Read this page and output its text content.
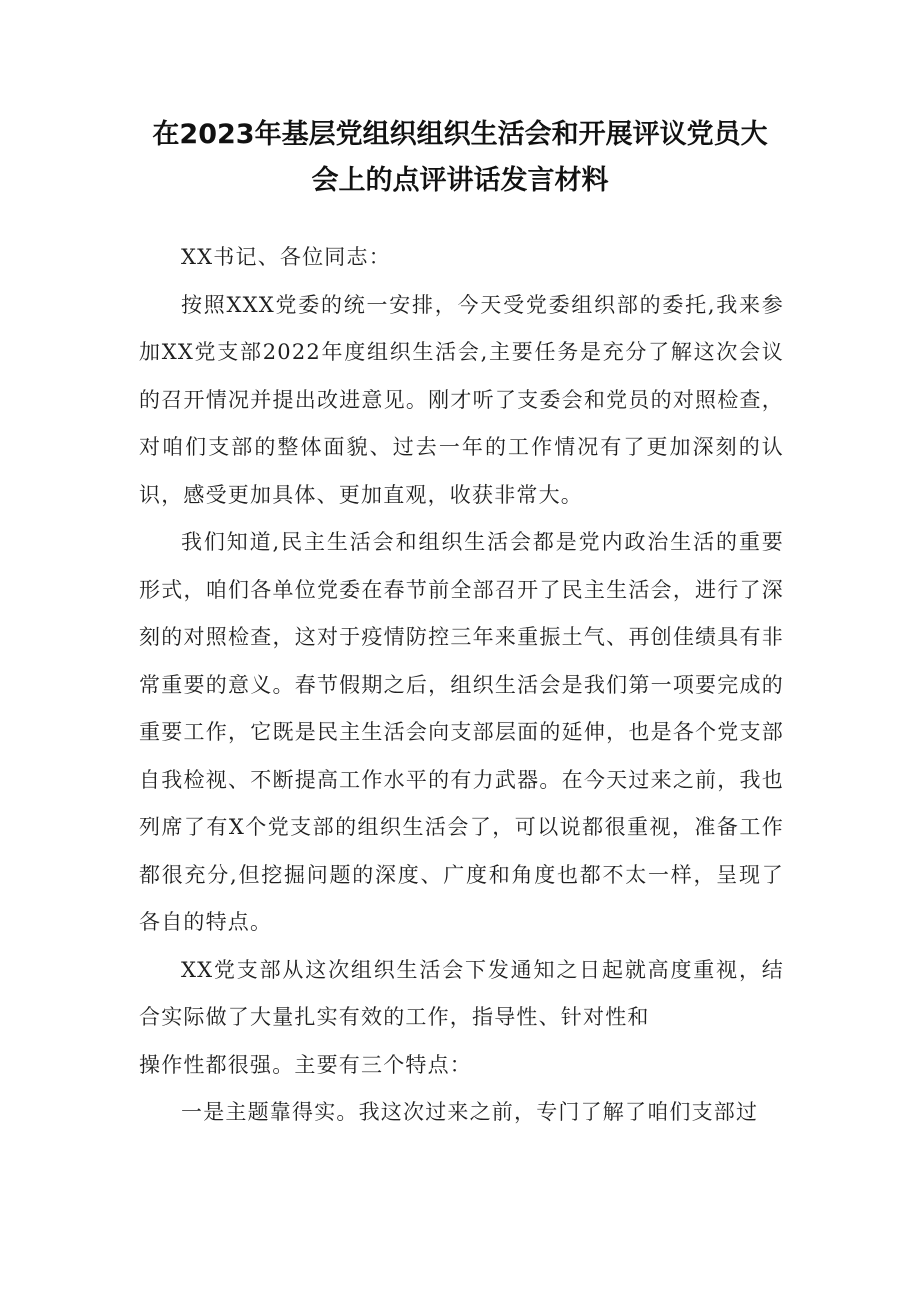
在2023年基层党组织组织生活会和开展评议党员大
会上的点评讲话发言材料

XX书记、各位同志：

按照XXX党委的统一安排，今天受党委组织部的委托,我来参加XX党支部2022年度组织生活会,主要任务是充分了解这次会议的召开情况并提出改进意见。刚才听了支委会和党员的对照检查，对咱们支部的整体面貌、过去一年的工作情况有了更加深刻的认识，感受更加具体、更加直观，收获非常大。

我们知道,民主生活会和组织生活会都是党内政治生活的重要形式，咱们各单位党委在春节前全部召开了民主生活会，进行了深刻的对照检查，这对于疫情防控三年来重振土气、再创佳绩具有非常重要的意义。春节假期之后，组织生活会是我们第一项要完成的重要工作，它既是民主生活会向支部层面的延伸，也是各个党支部自我检视、不断提高工作水平的有力武器。在今天过来之前，我也列席了有X个党支部的组织生活会了，可以说都很重视，准备工作都很充分,但挖掘问题的深度、广度和角度也都不太一样，呈现了各自的特点。

XX党支部从这次组织生活会下发通知之日起就高度重视，结合实际做了大量扎实有效的工作，指导性、针对性和

操作性都很强。主要有三个特点：

一是主题靠得实。我这次过来之前，专门了解了咱们支部过
